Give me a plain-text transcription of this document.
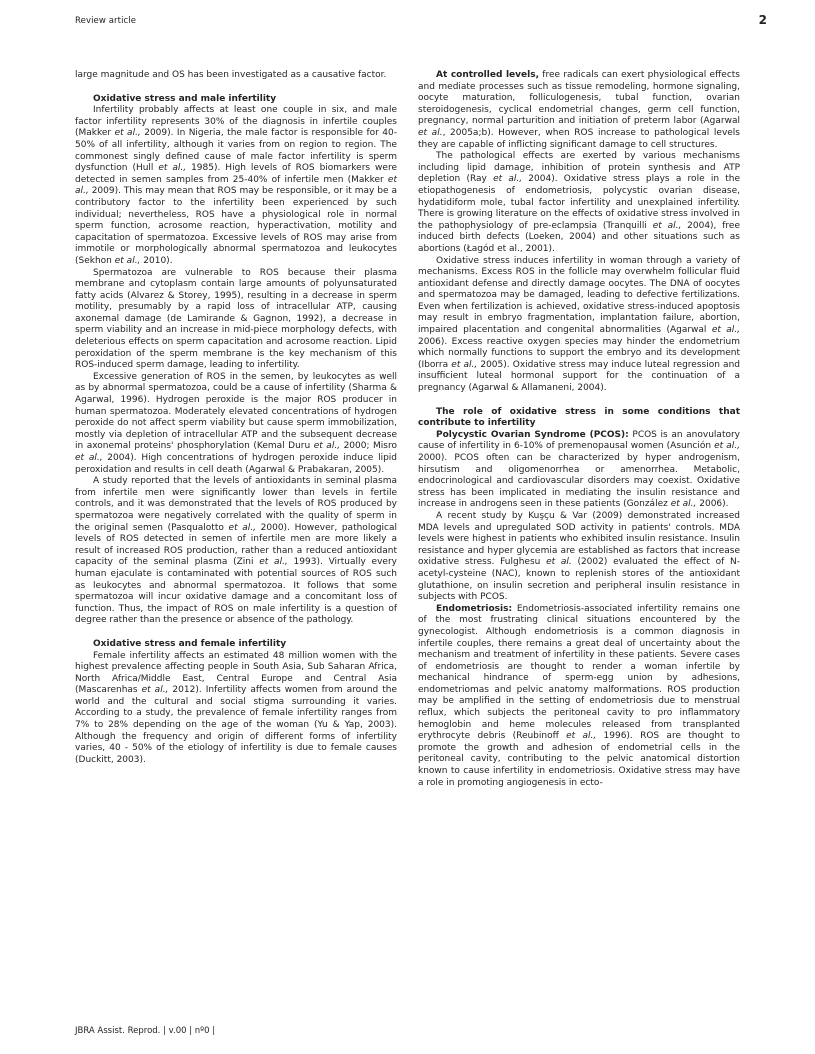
Review article	2

large magnitude and OS has been investigated as a causative factor.

Oxidative stress and male infertility

Infertility probably affects at least one couple in six, and male factor infertility represents 30% of the diagnosis in infertile couples (Makker et al., 2009). In Nigeria, the male factor is responsible for 40-50% of all infertility, although it varies from on region to region. The commonest singly defined cause of male factor infertility is sperm dysfunction (Hull et al., 1985). High levels of ROS biomarkers were detected in semen samples from 25-40% of infertile men (Makker et al., 2009). This may mean that ROS may be responsible, or it may be a contributory factor to the infertility been experienced by such individual; nevertheless, ROS have a physiological role in normal sperm function, acrosome reaction, hyperactivation, motility and capacitation of spermatozoa. Excessive levels of ROS may arise from immotile or morphologically abnormal spermatozoa and leukocytes (Sekhon et al., 2010).

Spermatozoa are vulnerable to ROS because their plasma membrane and cytoplasm contain large amounts of polyunsaturated fatty acids (Alvarez & Storey, 1995), resulting in a decrease in sperm motility, presumably by a rapid loss of intracellular ATP, causing axonemal damage (de Lamirande & Gagnon, 1992), a decrease in sperm viability and an increase in mid-piece morphology defects, with deleterious effects on sperm capacitation and acrosome reaction. Lipid peroxidation of the sperm membrane is the key mechanism of this ROS-induced sperm damage, leading to infertility.

Excessive generation of ROS in the semen, by leukocytes as well as by abnormal spermatozoa, could be a cause of infertility (Sharma & Agarwal, 1996). Hydrogen peroxide is the major ROS producer in human spermatozoa. Moderately elevated concentrations of hydrogen peroxide do not affect sperm viability but cause sperm immobilization, mostly via depletion of intracellular ATP and the subsequent decrease in axonemal proteins' phosphorylation (Kemal Duru et al., 2000; Misro et al., 2004). High concentrations of hydrogen peroxide induce lipid peroxidation and results in cell death (Agarwal & Prabakaran, 2005).

A study reported that the levels of antioxidants in seminal plasma from infertile men were significantly lower than levels in fertile controls, and it was demonstrated that the levels of ROS produced by spermatozoa were negatively correlated with the quality of sperm in the original semen (Pasqualotto et al., 2000). However, pathological levels of ROS detected in semen of infertile men are more likely a result of increased ROS production, rather than a reduced antioxidant capacity of the seminal plasma (Zini et al., 1993). Virtually every human ejaculate is contaminated with potential sources of ROS such as leukocytes and abnormal spermatozoa. It follows that some spermatozoa will incur oxidative damage and a concomitant loss of function. Thus, the impact of ROS on male infertility is a question of degree rather than the presence or absence of the pathology.

Oxidative stress and female infertility

Female infertility affects an estimated 48 million women with the highest prevalence affecting people in South Asia, Sub Saharan Africa, North Africa/Middle East, Central Europe and Central Asia (Mascarenhas et al., 2012). Infertility affects women from around the world and the cultural and social stigma surrounding it varies. According to a study, the prevalence of female infertility ranges from 7% to 28% depending on the age of the woman (Yu & Yap, 2003). Although the frequency and origin of different forms of infertility varies, 40 - 50% of the etiology of infertility is due to female causes (Duckitt, 2003).

At controlled levels, free radicals can exert physiological effects and mediate processes such as tissue remodeling, hormone signaling, oocyte maturation, folliculogenesis, tubal function, ovarian steroidogenesis, cyclical endometrial changes, germ cell function, pregnancy, normal parturition and initiation of preterm labor (Agarwal et al., 2005a;b). However, when ROS increase to pathological levels they are capable of inflicting significant damage to cell structures.

The pathological effects are exerted by various mechanisms including lipid damage, inhibition of protein synthesis and ATP depletion (Ray et al., 2004). Oxidative stress plays a role in the etiopathogenesis of endometriosis, polycystic ovarian disease, hydatidiform mole, tubal factor infertility and unexplained infertility. There is growing literature on the effects of oxidative stress involved in the pathophysiology of pre-eclampsia (Tranquilli et al., 2004), free induced birth defects (Loeken, 2004) and other situations such as abortions (Łagód et al., 2001).

Oxidative stress induces infertility in woman through a variety of mechanisms. Excess ROS in the follicle may overwhelm follicular fluid antioxidant defense and directly damage oocytes. The DNA of oocytes and spermatozoa may be damaged, leading to defective fertilizations. Even when fertilization is achieved, oxidative stress-induced apoptosis may result in embryo fragmentation, implantation failure, abortion, impaired placentation and congenital abnormalities (Agarwal et al., 2006). Excess reactive oxygen species may hinder the endometrium which normally functions to support the embryo and its development (Iborra et al., 2005). Oxidative stress may induce luteal regression and insufficient luteal hormonal support for the continuation of a pregnancy (Agarwal & Allamaneni, 2004).

The role of oxidative stress in some conditions that contribute to infertility

Polycystic Ovarian Syndrome (PCOS): PCOS is an anovulatory cause of infertility in 6-10% of premenopausal women (Asunción et al., 2000). PCOS often can be characterized by hyper androgenism, hirsutism and oligomenorrhea or amenorrhea. Metabolic, endocrinological and cardiovascular disorders may coexist. Oxidative stress has been implicated in mediating the insulin resistance and increase in androgens seen in these patients (González et al., 2006).

A recent study by Kuşçu & Var (2009) demonstrated increased MDA levels and upregulated SOD activity in patients' controls. MDA levels were highest in patients who exhibited insulin resistance. Insulin resistance and hyper glycemia are established as factors that increase oxidative stress. Fulghesu et al. (2002) evaluated the effect of N-acetyl-cysteine (NAC), known to replenish stores of the antioxidant glutathione, on insulin secretion and peripheral insulin resistance in subjects with PCOS.

Endometriosis: Endometriosis-associated infertility remains one of the most frustrating clinical situations encountered by the gynecologist. Although endometriosis is a common diagnosis in infertile couples, there remains a great deal of uncertainty about the mechanism and treatment of infertility in these patients. Severe cases of endometriosis are thought to render a woman infertile by mechanical hindrance of sperm-egg union by adhesions, endometriomas and pelvic anatomy malformations. ROS production may be amplified in the setting of endometriosis due to menstrual reflux, which subjects the peritoneal cavity to pro inflammatory hemoglobin and heme molecules released from transplanted erythrocyte debris (Reubinoff et al., 1996). ROS are thought to promote the growth and adhesion of endometrial cells in the peritoneal cavity, contributing to the pelvic anatomical distortion known to cause infertility in endometriosis. Oxidative stress may have a role in promoting angiogenesis in ecto-

JBRA Assist. Reprod. | v.00 | nº0 |
